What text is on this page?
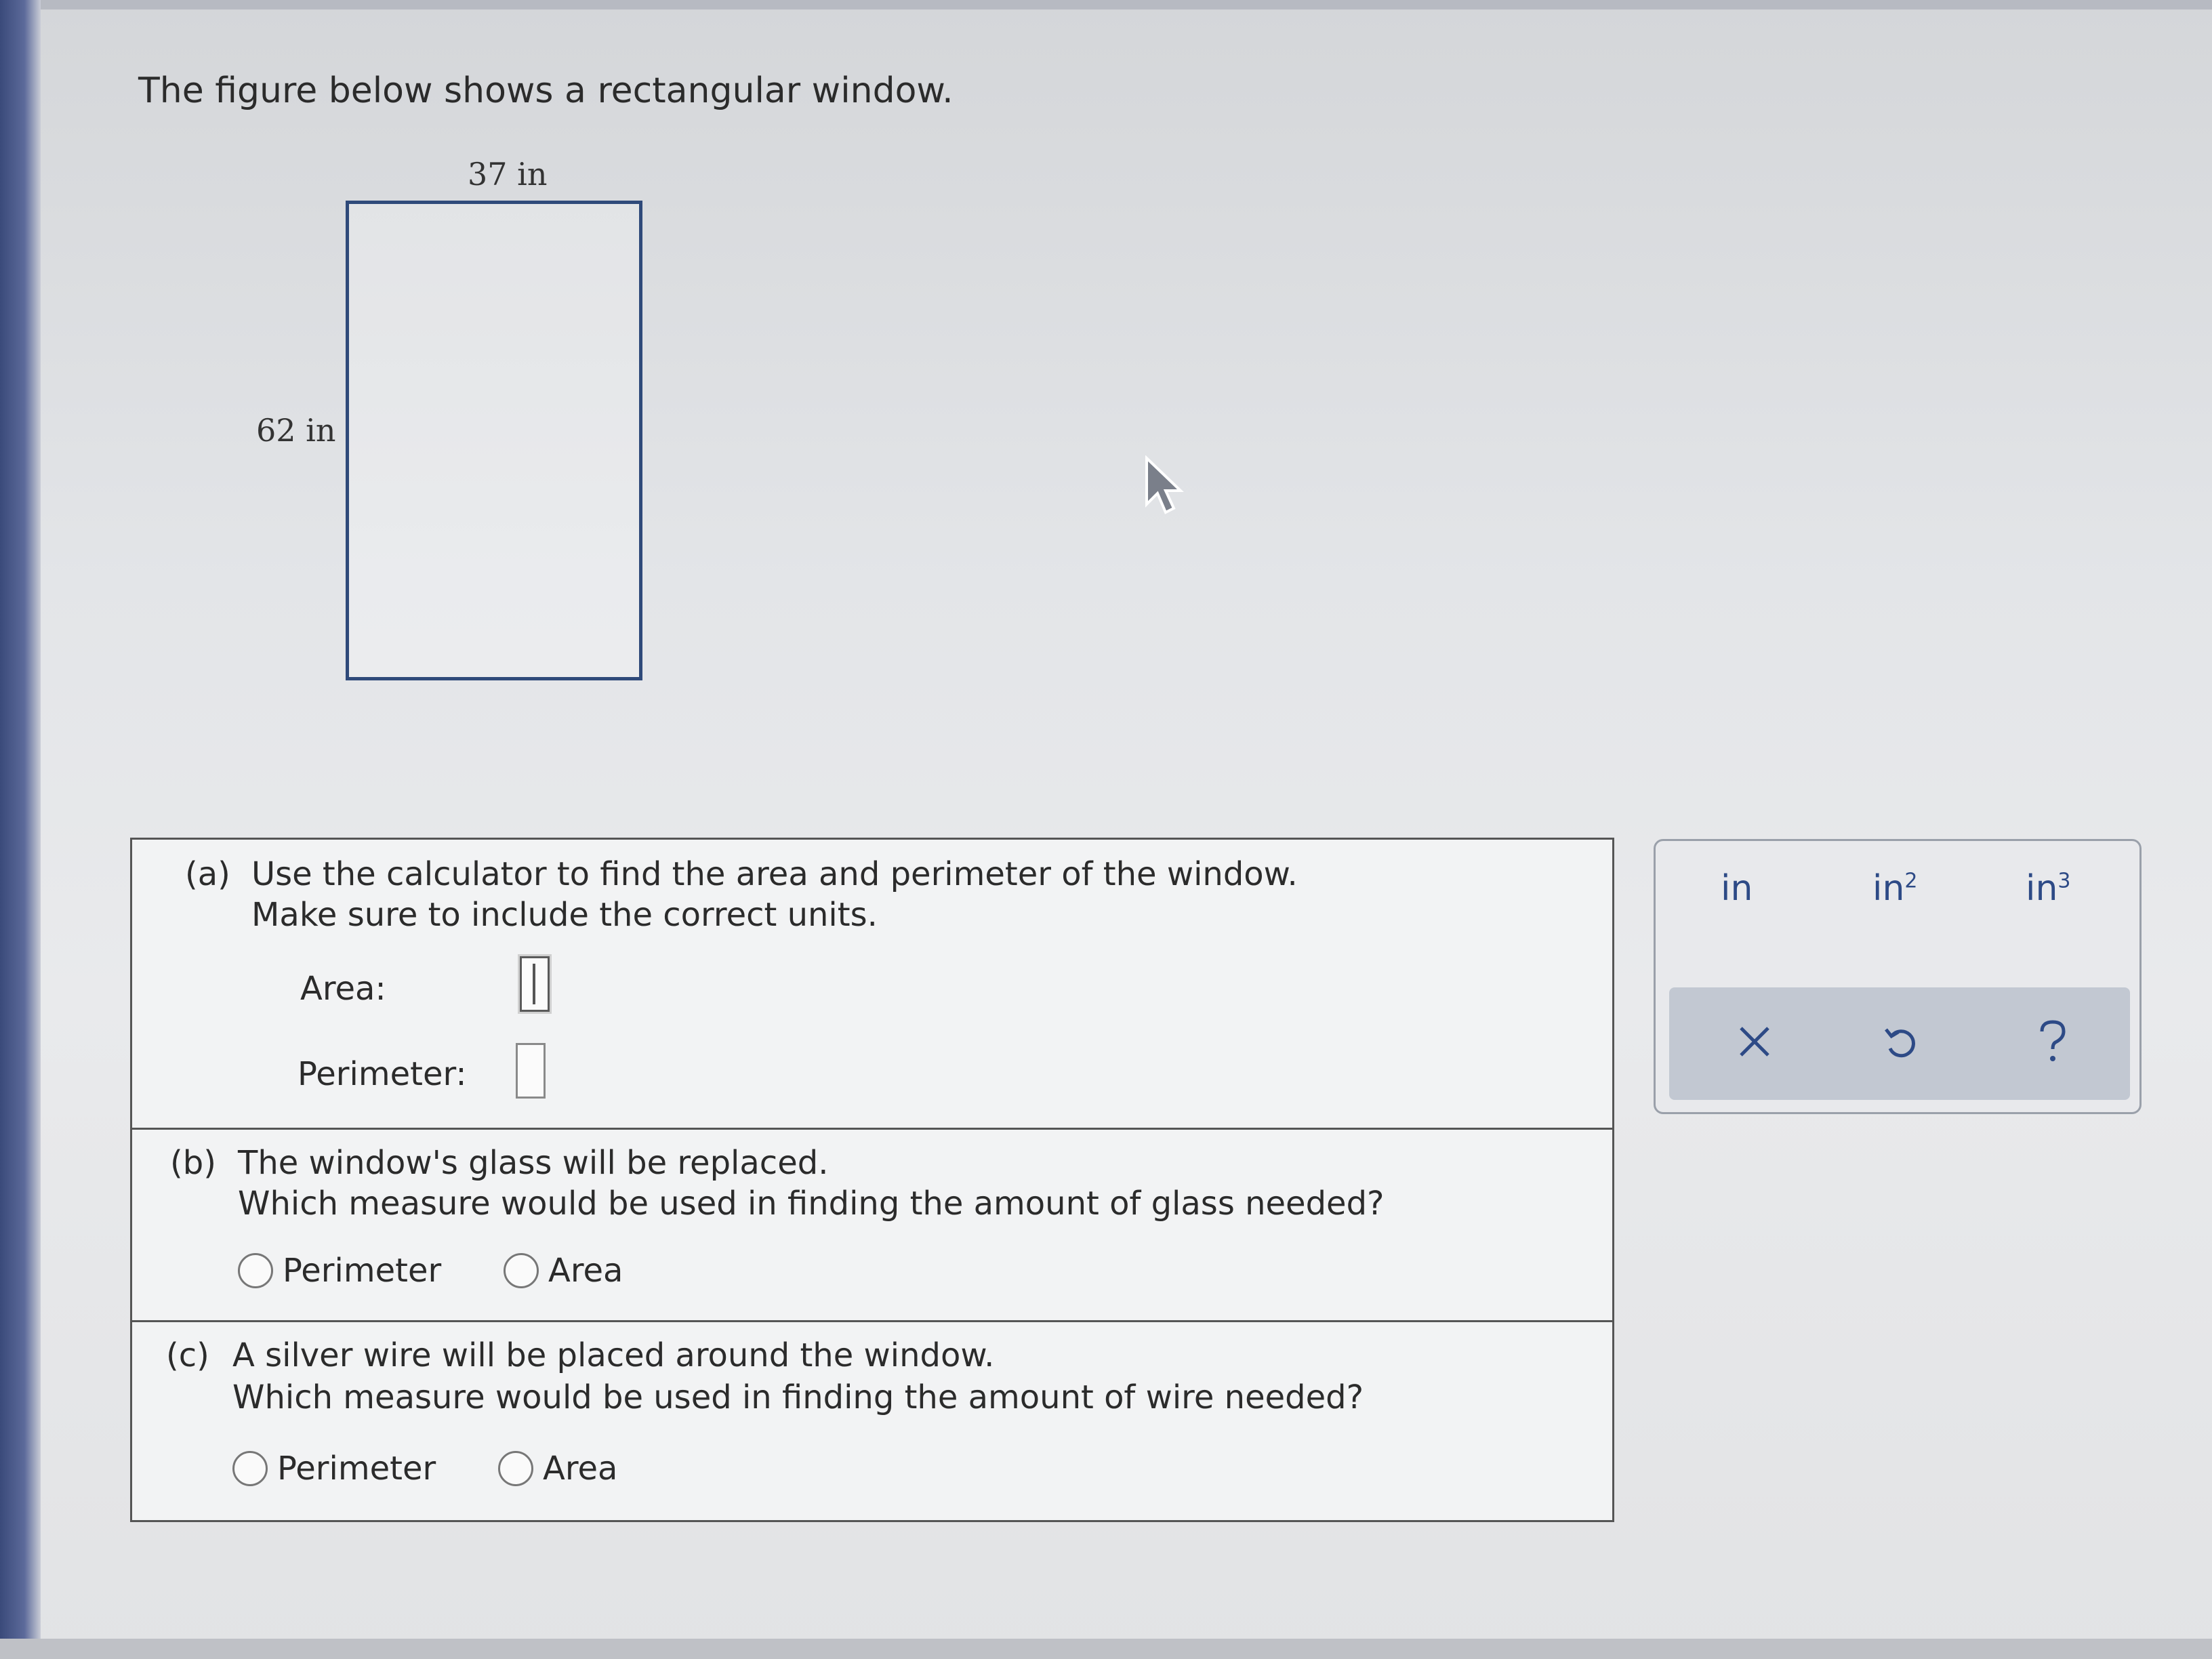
The figure below shows a rectangular window.
37 in
62 in
(a) Use the calculator to find the area and perimeter of the window.
Make sure to include the correct units.
Area:
Perimeter:
(b) The window's glass will be replaced.
Which measure would be used in finding the amount of glass needed?
Perimeter	Area
(c) A silver wire will be placed around the window.
Which measure would be used in finding the amount of wire needed?
Perimeter	Area
in	$in^2$	$in^3$
